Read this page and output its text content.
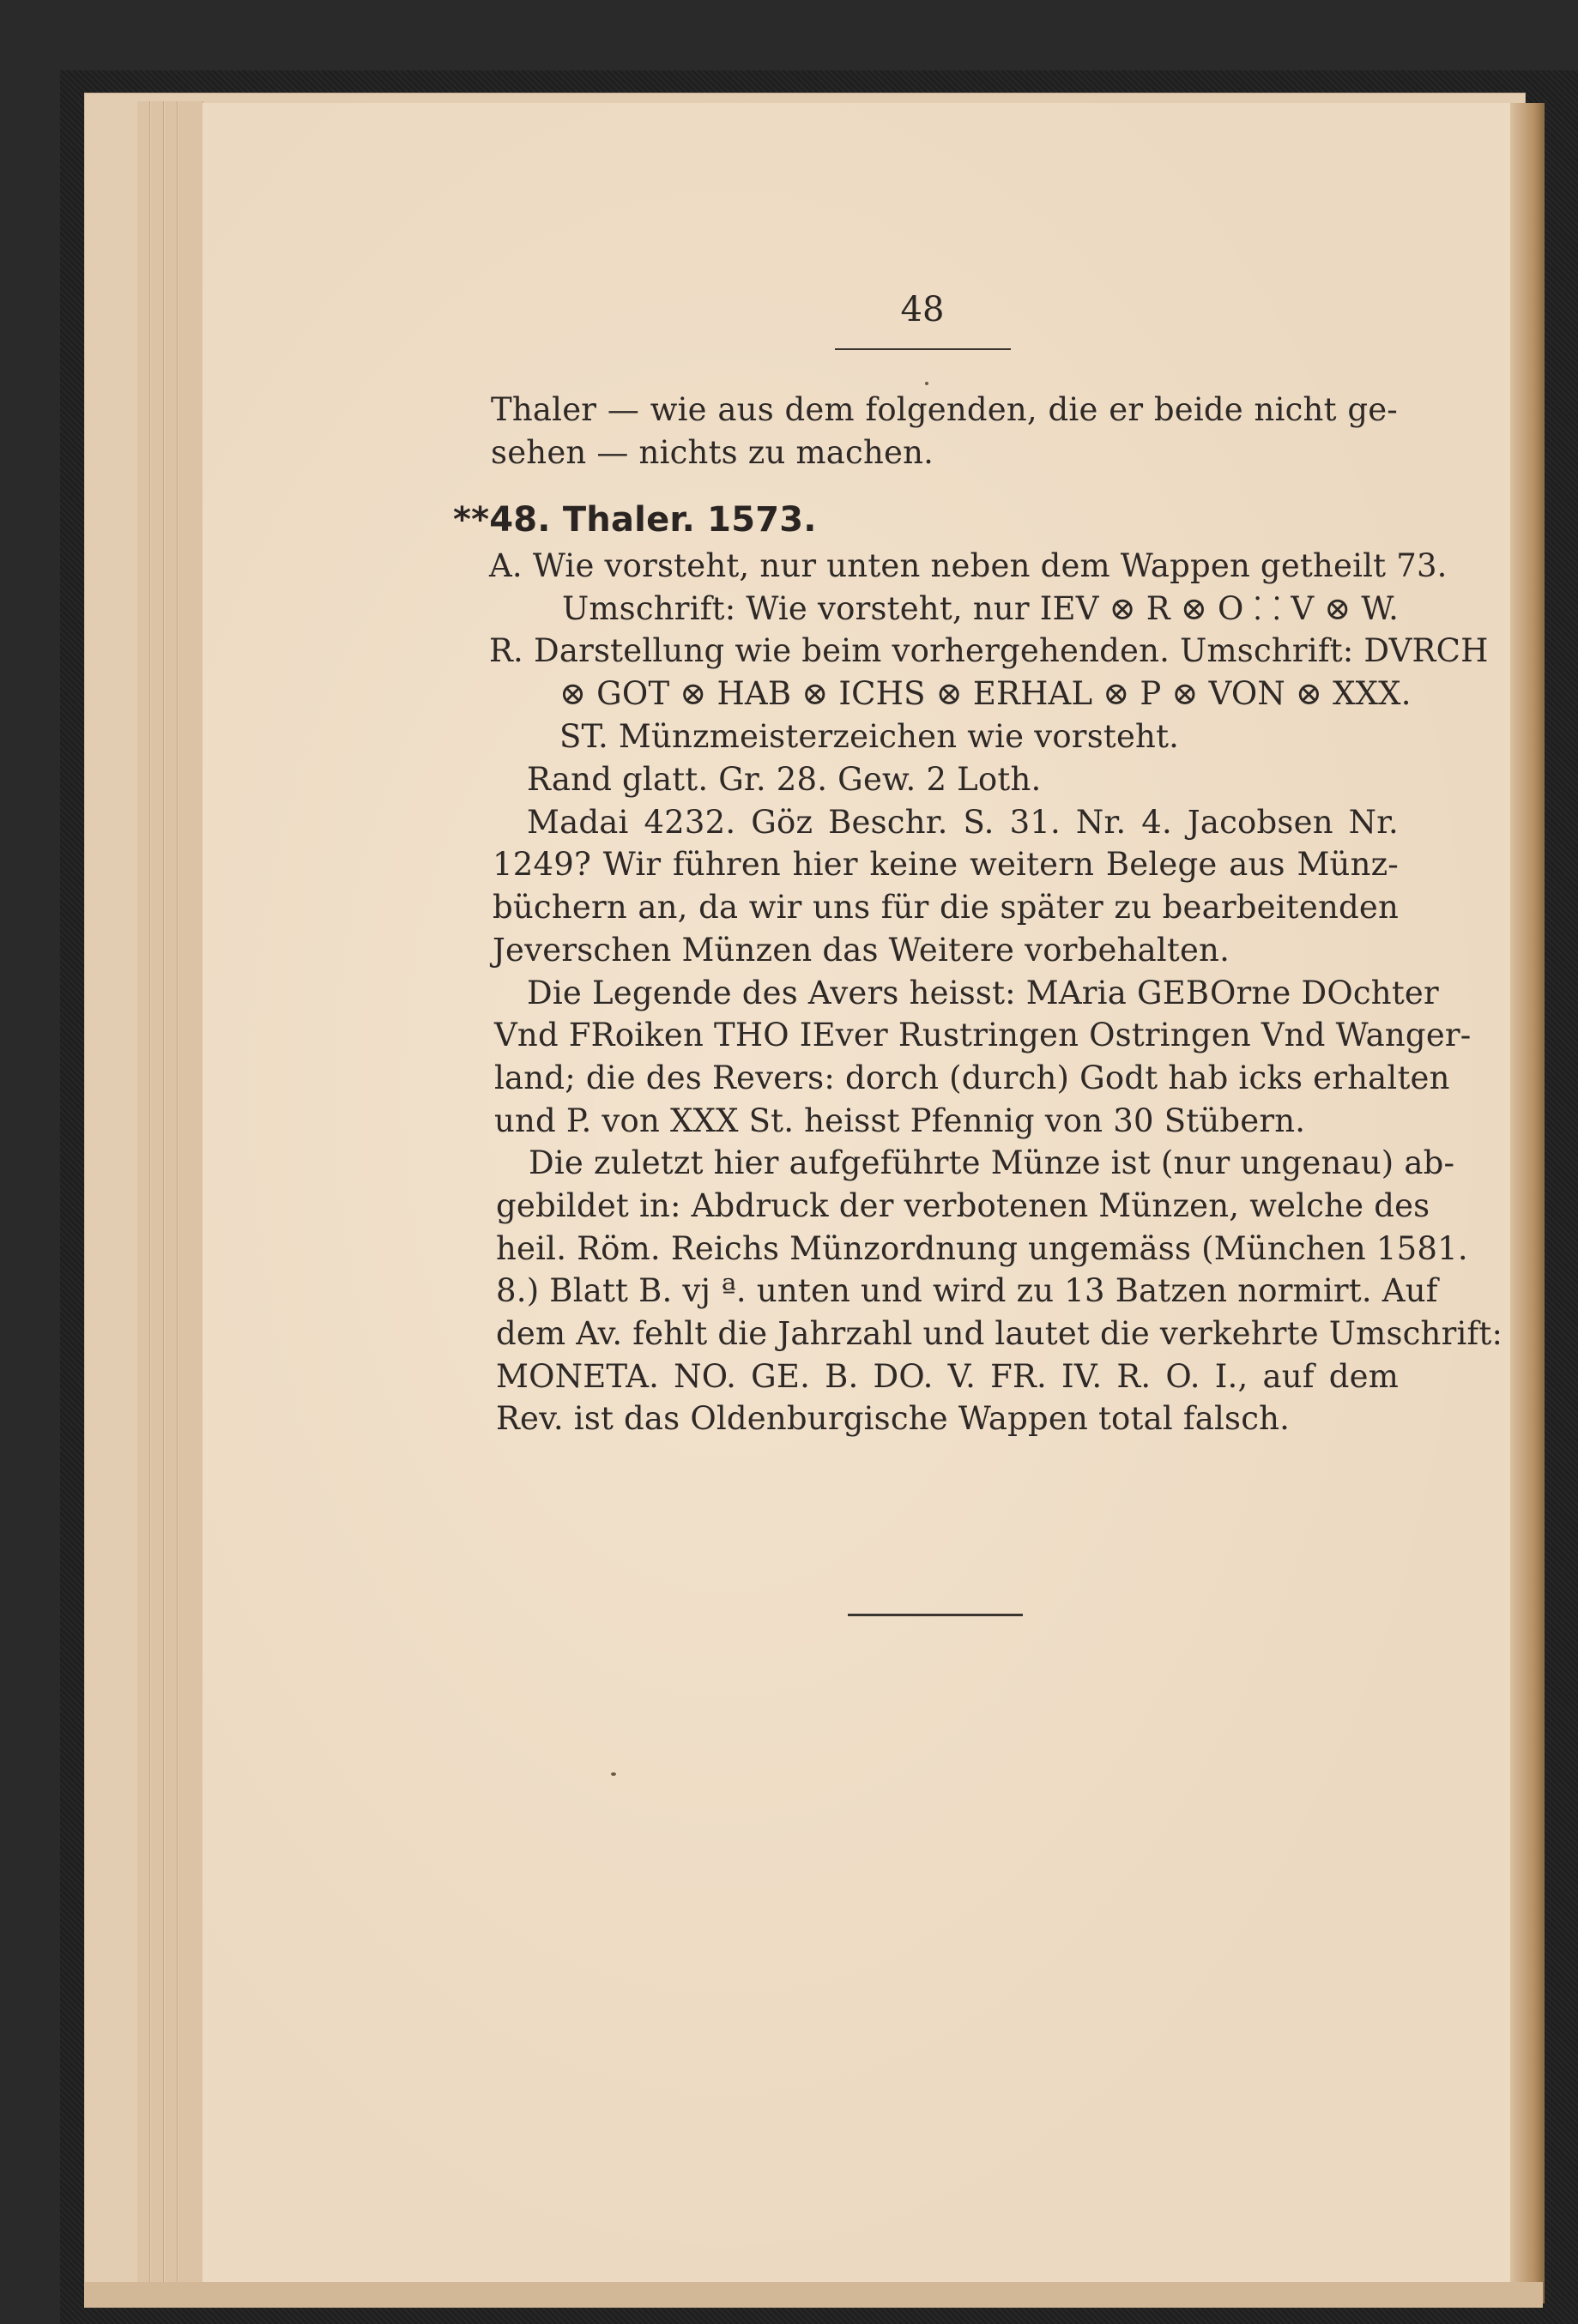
48
Thaler — wie aus dem folgenden, die er beide nicht ge-
sehen — nichts zu machen.
**48. Thaler. 1573.
A. Wie vorsteht, nur unten neben dem Wappen getheilt 73.
Umschrift: Wie vorsteht, nur IEV ⊗ R ⊗ O ⸬ V ⊗ W.
R. Darstellung wie beim vorhergehenden. Umschrift: DVRCH
⊗ GOT ⊗ HAB ⊗ ICHS ⊗ ERHAL ⊗ P ⊗ VON ⊗ XXX.
ST. Münzmeisterzeichen wie vorsteht.
Rand glatt. Gr. 28. Gew. 2 Loth.
Madai 4232. Göz Beschr. S. 31. Nr. 4. Jacobsen Nr.
1249? Wir führen hier keine weitern Belege aus Münz-
büchern an, da wir uns für die später zu bearbeitenden
Jeverschen Münzen das Weitere vorbehalten.
Die Legende des Avers heisst: MAria GEBOrne DOchter
Vnd FRoiken THO IEver Rustringen Ostringen Vnd Wanger-
land; die des Revers: dorch (durch) Godt hab icks erhalten
und P. von XXX St. heisst Pfennig von 30 Stübern.
Die zuletzt hier aufgeführte Münze ist (nur ungenau) ab-
gebildet in: Abdruck der verbotenen Münzen, welche des
heil. Röm. Reichs Münzordnung ungemäss (München 1581.
8.) Blatt B. vj ª. unten und wird zu 13 Batzen normirt. Auf
dem Av. fehlt die Jahrzahl und lautet die verkehrte Umschrift:
MONETA. NO. GE. B. DO. V. FR. IV. R. O. I., auf dem
Rev. ist das Oldenburgische Wappen total falsch.
